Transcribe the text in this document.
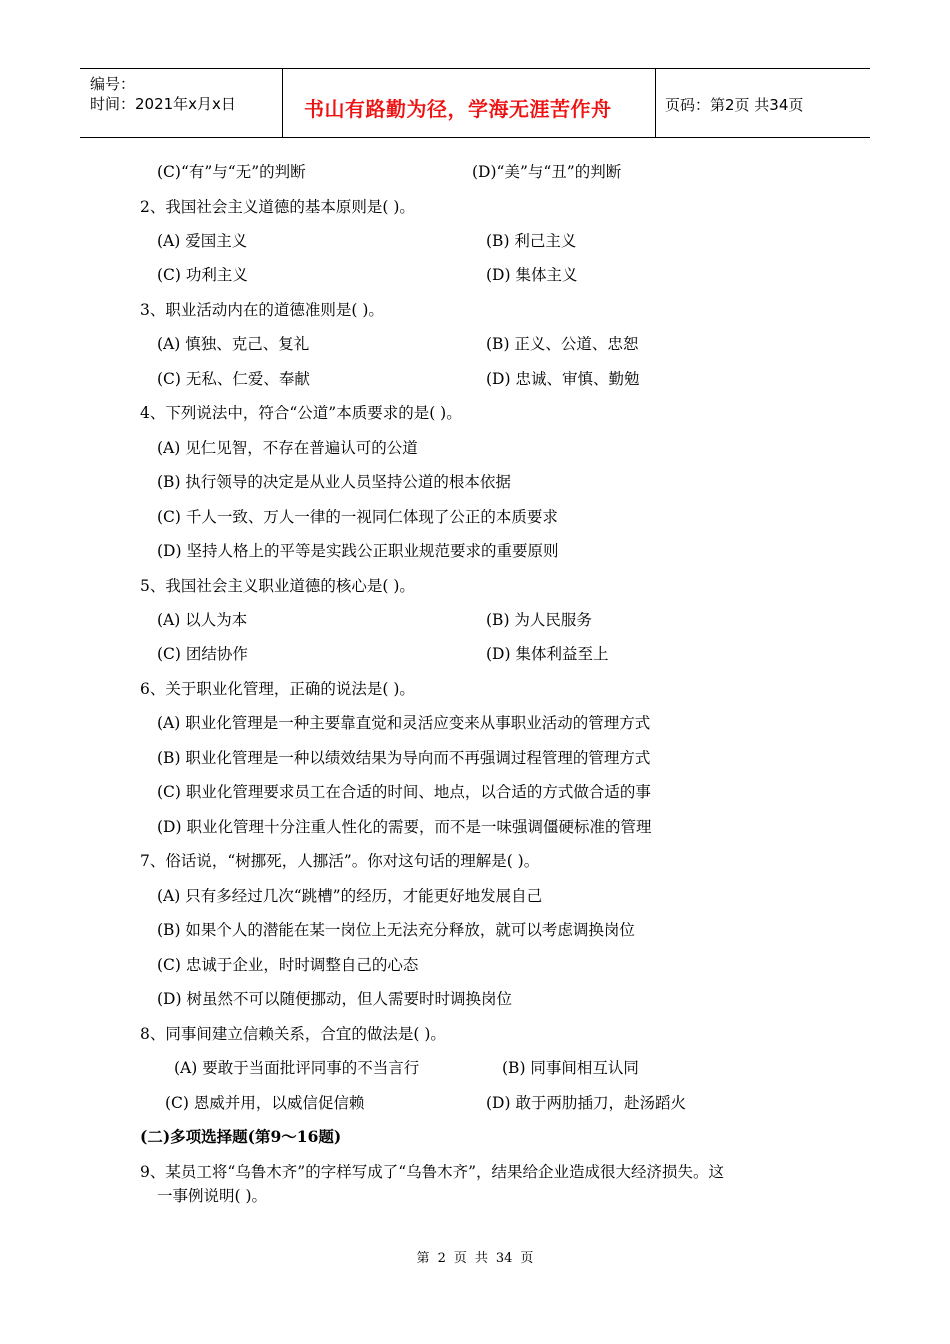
编号：
时间：2021年x月x日	书山有路勤为径，学海无涯苦作舟	页码：第2页 共34页
(C)“有”与“无”的判断	(D)“美”与“丑”的判断
2、我国社会主义道德的基本原则是( )。
(A) 爱国主义	(B) 利己主义
(C) 功利主义	(D) 集体主义
3、职业活动内在的道德准则是( )。
(A) 慎独、克己、复礼	(B) 正义、公道、忠恕
(C) 无私、仁爱、奉献	(D) 忠诚、审慎、勤勉
4、下列说法中，符合“公道”本质要求的是( )。
(A) 见仁见智，不存在普遍认可的公道
(B) 执行领导的决定是从业人员坚持公道的根本依据
(C) 千人一致、万人一律的一视同仁体现了公正的本质要求
(D) 坚持人格上的平等是实践公正职业规范要求的重要原则
5、我国社会主义职业道德的核心是( )。
(A) 以人为本	(B) 为人民服务
(C) 团结协作	(D) 集体利益至上
6、关于职业化管理，正确的说法是( )。
(A) 职业化管理是一种主要靠直觉和灵活应变来从事职业活动的管理方式
(B) 职业化管理是一种以绩效结果为导向而不再强调过程管理的管理方式
(C) 职业化管理要求员工在合适的时间、地点，以合适的方式做合适的事
(D) 职业化管理十分注重人性化的需要，而不是一味强调僵硬标准的管理
7、俗话说，“树挪死，人挪活”。你对这句话的理解是( )。
(A) 只有多经过几次“跳槽”的经历，才能更好地发展自己
(B) 如果个人的潜能在某一岗位上无法充分释放，就可以考虑调换岗位
(C) 忠诚于企业，时时调整自己的心态
(D) 树虽然不可以随便挪动，但人需要时时调换岗位
8、同事间建立信赖关系，合宜的做法是( )。
(A) 要敢于当面批评同事的不当言行	(B) 同事间相互认同
(C) 恩威并用，以威信促信赖	(D) 敢于两肋插刀，赴汤蹈火
(二)多项选择题(第9～16题)
9、某员工将“乌鲁木齐”的字样写成了“乌鲁木齐”，结果给企业造成很大经济损失。这
一事例说明( )。
第 2 页 共 34 页
